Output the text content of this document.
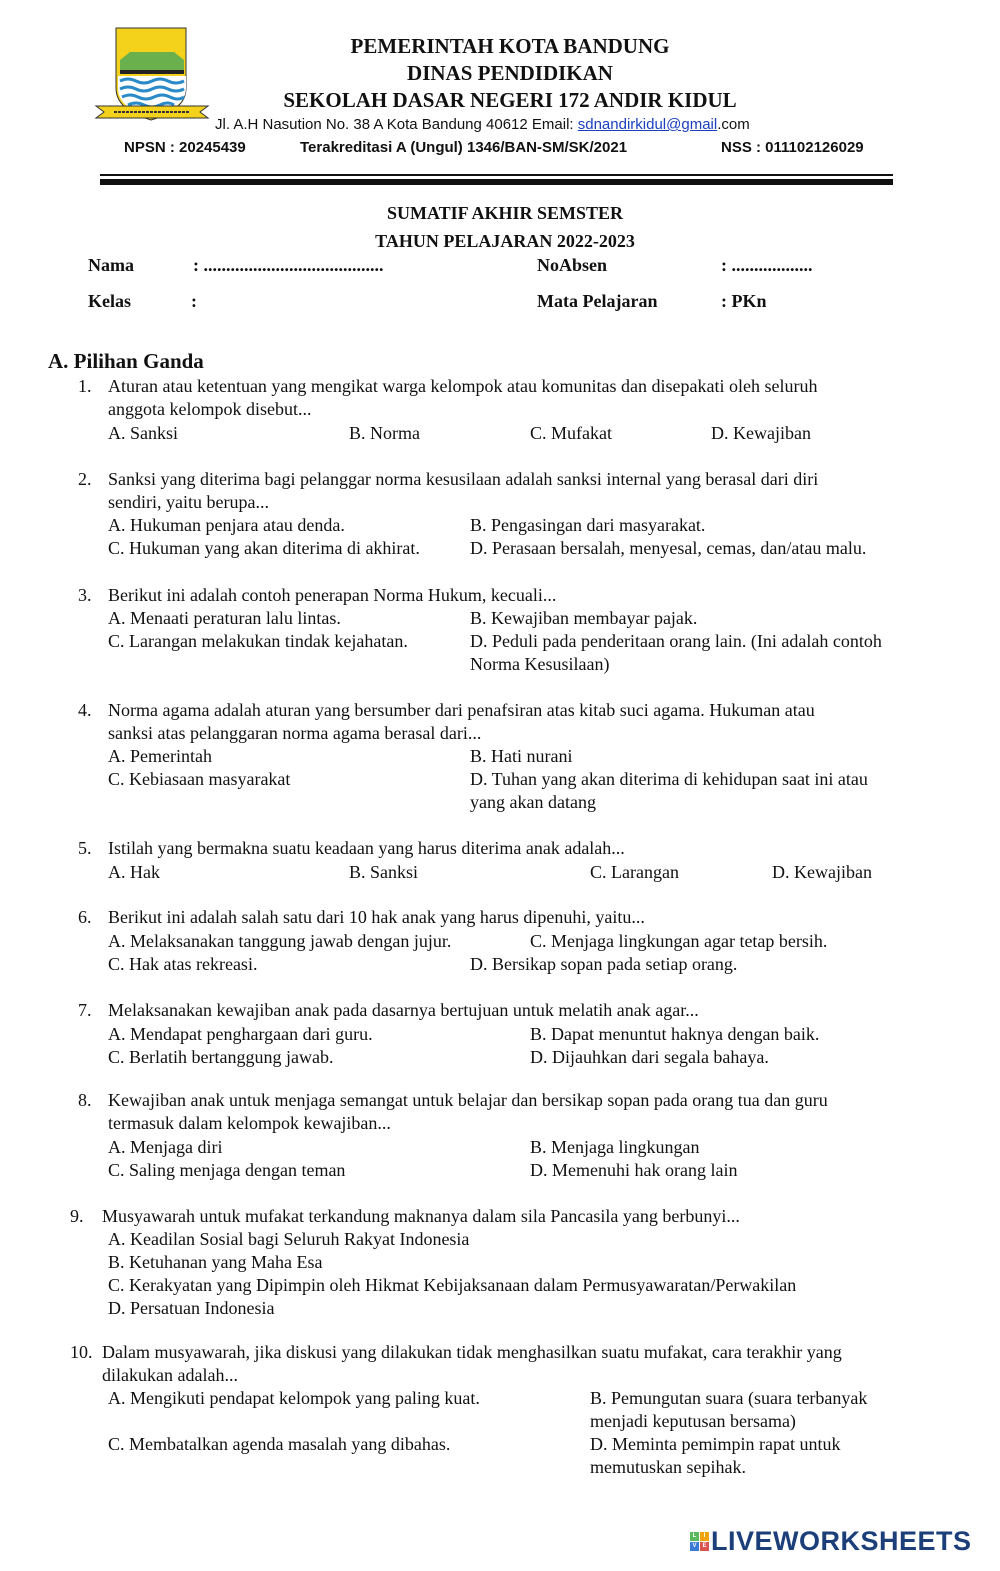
PEMERINTAH KOTA BANDUNG
DINAS PENDIDIKAN
SEKOLAH DASAR NEGERI 172 ANDIR KIDUL
Jl. A.H Nasution No. 38 A Kota Bandung 40612 Email: sdnandirkidul@gmail.com
NPSN : 20245439	Terakreditasi A (Ungul) 1346/BAN-SM/SK/2021	NSS : 011102126029
SUMATIF AKHIR SEMSTER
TAHUN PELAJARAN 2022-2023
Nama	: ........................................	NoAbsen	: ..................
Kelas	:	Mata Pelajaran	: PKn
A. Pilihan Ganda
1. Aturan atau ketentuan yang mengikat warga kelompok atau komunitas dan disepakati oleh seluruh
anggota kelompok disebut...
A. Sanksi	B. Norma	C. Mufakat	D. Kewajiban
2. Sanksi yang diterima bagi pelanggar norma kesusilaan adalah sanksi internal yang berasal dari diri
sendiri, yaitu berupa...
A. Hukuman penjara atau denda.	B. Pengasingan dari masyarakat.
C. Hukuman yang akan diterima di akhirat.	D. Perasaan bersalah, menyesal, cemas, dan/atau malu.
3. Berikut ini adalah contoh penerapan Norma Hukum, kecuali...
A. Menaati peraturan lalu lintas.	B. Kewajiban membayar pajak.
C. Larangan melakukan tindak kejahatan.	D. Peduli pada penderitaan orang lain. (Ini adalah contoh
Norma Kesusilaan)
4. Norma agama adalah aturan yang bersumber dari penafsiran atas kitab suci agama. Hukuman atau
sanksi atas pelanggaran norma agama berasal dari...
A. Pemerintah	B. Hati nurani
C. Kebiasaan masyarakat	D. Tuhan yang akan diterima di kehidupan saat ini atau
yang akan datang
5. Istilah yang bermakna suatu keadaan yang harus diterima anak adalah...
A. Hak	B. Sanksi	C. Larangan	D. Kewajiban
6. Berikut ini adalah salah satu dari 10 hak anak yang harus dipenuhi, yaitu...
A. Melaksanakan tanggung jawab dengan jujur.	C. Menjaga lingkungan agar tetap bersih.
C. Hak atas rekreasi.	D. Bersikap sopan pada setiap orang.
7. Melaksanakan kewajiban anak pada dasarnya bertujuan untuk melatih anak agar...
A. Mendapat penghargaan dari guru.	B. Dapat menuntut haknya dengan baik.
C. Berlatih bertanggung jawab.	D. Dijauhkan dari segala bahaya.
8. Kewajiban anak untuk menjaga semangat untuk belajar dan bersikap sopan pada orang tua dan guru
termasuk dalam kelompok kewajiban...
A. Menjaga diri	B. Menjaga lingkungan
C. Saling menjaga dengan teman	D. Memenuhi hak orang lain
9. Musyawarah untuk mufakat terkandung maknanya dalam sila Pancasila yang berbunyi...
A. Keadilan Sosial bagi Seluruh Rakyat Indonesia
B. Ketuhanan yang Maha Esa
C. Kerakyatan yang Dipimpin oleh Hikmat Kebijaksanaan dalam Permusyawaratan/Perwakilan
D. Persatuan Indonesia
10. Dalam musyawarah, jika diskusi yang dilakukan tidak menghasilkan suatu mufakat, cara terakhir yang
dilakukan adalah...
A. Mengikuti pendapat kelompok yang paling kuat.	B. Pemungutan suara (suara terbanyak
menjadi keputusan bersama)
C. Membatalkan agenda masalah yang dibahas.	D. Meminta pemimpin rapat untuk
memutuskan sepihak.
L	I
V E LIVEWORKSHEETS
